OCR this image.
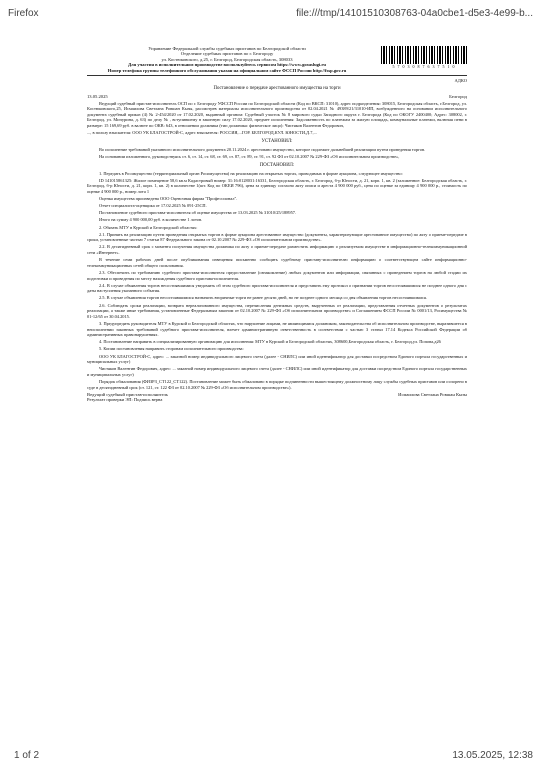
Firefox	file:///tmp/14101510308763-04a0cbe1-d5e3-4e99-b...
5 7 0 3 0 8 7 6 3 7 5 1 0
Управление Федеральной службы судебных приставов по Белгородской области
Отделение судебных приставов по г. Белгороду
ул. Костюковского, д.25, г. Белгород, Белгородская область, 308033
Для участия в исполнительном производстве воспользуйтесь сервисом https://www.gosuslugi.ru
Номер телефона группы телефонного обслуживания указан на официальном сайте ФССП России http://fssp.gov.ru
АДКО
Постановление о передаче арестованного имущества на торги
13.05.2025	Белгород

Ведущий судебный пристав-исполнитель ОСП по г. Белгороду УФССП России по Белгородской области (Код по ВКСП: 31010), адрес подразделения: 308015, Белгородская область, г.Белгород, ул. Костюковского,25, Исмаилова Светлана Ровшан Кызы, рассмотрев материалы исполнительного производства от 02.04.2021 № 49389/21/31010-ИП, возбужденного на основании исполнительного документа судебный приказ (4) № 2-454/2020 от 17.02.2020, выданный органом: Судебный участок № 8 мирового судьи Западного округа г. Белгорода (Код по ОКОГУ 2400400; Адрес: 308002, г. Белгород, ул. Мичурина, д. 63) по делу № , вступившему в законную силу 17.02.2020, предмет исполнения: Задолженность по платежам за жилую площадь, коммунальные платежи, включая пени в размере: 15 169,69 руб. в валюте по ОКВ: 643, в отношении должника (тип должника: физическое лицо): Чистяков Валентин Федорович,

..., в пользу взыскателя: ООО УК БЛАГОСТРОЙ-С, адрес взыскателя: РОССИЯ,...ГОР. БЕЛГОРОД,КУЛ. ЮНОСТИ,Д.7,...

УСТАНОВИЛ:

Во исполнение требований указанного исполнительного документа 20.11.2024 г. арестовано имущество, которое подлежит дальнейшей реализации путем проведения торгов.

На основании изложенного, руководствуясь ст. 6, ст. 14, ст. 68, ст. 69, ст. 87, ст. 89, ст. 91, ст. 92 ФЗ от 02.10.2007 № 229-ФЗ «Об исполнительном производстве»,

ПОСТАНОВИЛ:

1. Передать в Росимущество (территориальный орган Росимущества) на реализацию на открытых торгах, проводимых в форме аукциона, следующее имущество:

ID 141015861325: Жилое помещение 58,6 кв.м Кадастровый номер: 31:16:0128031:16331, Белгородская область, г. Белгород, б-р Юности, д. 21, корп. 1, кв. 2 (заложенное: Белгородская область, г. Белгород, б-р Юности, д. 21, корп. 1, кв. 2) в количестве 1(шт. Код по ОКЕИ 796), цена за единицу согласно акту описи и ареста 4 900 000 руб., цена по оценке за единицу 4 900 000 р., стоимость по оценке 4 900 000 р., номер лота 1

Оценка имущества произведена ООО Оценочная фирма "Профессионал".

Отчет специалиста-оценщика от 17.02.2025 № 091-25СП.

Постановление судебного пристава-исполнителя об оценке имущества от 13.03.2025 № 31010/25/188957.

Итого на сумму 4 900 000,00 руб. в количестве 1 лотов.

2. Обязать МТУ в Курской и Белгородской областях:

2.1. Принять на реализацию путем проведения открытых торгов в форме аукциона арестованное имущество (документы, характеризующие арестованное имущество) по акту о приеме-передаче в сроки, установленные частью 7 статьи 87 Федерального закона от 02.10.2007 № 229-ФЗ «Об исполнительном производстве».

2.2. В десятидневный срок с момента получения имущества должника по акту о приеме-передаче разместить информацию о реализуемом имуществе в информационно-телекоммуникационной сети «Интернет».

В течение семи рабочих дней после опубликования извещения письменно сообщить судебному приставу-исполнителю информацию о соответствующем сайте информационно-телекоммуникационных сетей общего пользования.

2.3. Обеспечить по требованию судебного пристава-исполнителя предоставление (ознакомление) любых документов или информации, связанных с проведением торгов на любой стадии их подготовки и проведения по месту нахождения судебного пристава-исполнителя.

2.4. В случае объявления торгов несостоявшимися уведомить об этом судебного пристава-исполнителя и представить ему протокол о признании торгов несостоявшимися не позднее одного дня с даты наступления указанного события.

2.5. В случае объявления торгов несостоявшимися назначить вторичные торги не ранее десяти дней, но не позднее одного месяца со дня объявления торгов несостоявшимися.

2.6. Соблюдать сроки реализации, возврата нереализованного имущества, перечисления денежных средств, вырученных от реализации, представления отчетных документов о результатах реализации, а также иные требования, установленные Федеральным законом от 02.10.2007 № 229-ФЗ «Об исполнительном производстве» и Соглашением ФССП России № 0001/13, Росимущества № 01-12/65 от 30.04.2015.

3. Предупредить руководителя МТУ в Курской и Белгородской областях, что нарушение лицами, не являющимися должником, законодательства об исполнительном производстве, выразившееся в неисполнении законных требований судебного пристава-исполнителя, влечет административную ответственность в соответствии с частью 3 статьи 17.14 Кодекса Российской Федерации об административных правонарушениях.

4. Постановление направить в специализированную организацию для исполнения: МТУ в Курской и Белгородской областях, 308600,Белгородская область, г. Белгород,ул. Попова,д26

5. Копии постановления направить сторонам исполнительного производства:

ООО УК БЛАГОСТРОЙ-С, адрес: ... заказной номер индивидуального лицевого счета (далее - СНИЛС) или иной идентификатор для доставки посредством Единого портала государственных и муниципальных услуг)

Чистяков Валентин Федорович, адрес: ... заказной номер индивидуального лицевого счета (далее - СНИЛС) или иной идентификатор для доставки посредством Единого портала государственных и муниципальных услуг)

Порядок обжалования (ФИЗРЗ_СТ122_СТ122). Постановление может быть обжаловано в порядке подчиненности вышестоящему должностному лицу службы судебных приставов или оспорено в суде в десятидневный срок (ст. 121, ст. 122 ФЗ от 02.10.2007 № 229-ФЗ «Об исполнительном производстве»).

Ведущий судебный пристав-исполнитель	Исмаилова Светлана Ровшан Кызы
Результат проверки ЭП: Подпись верна
1 of 2	13.05.2025, 12:38
